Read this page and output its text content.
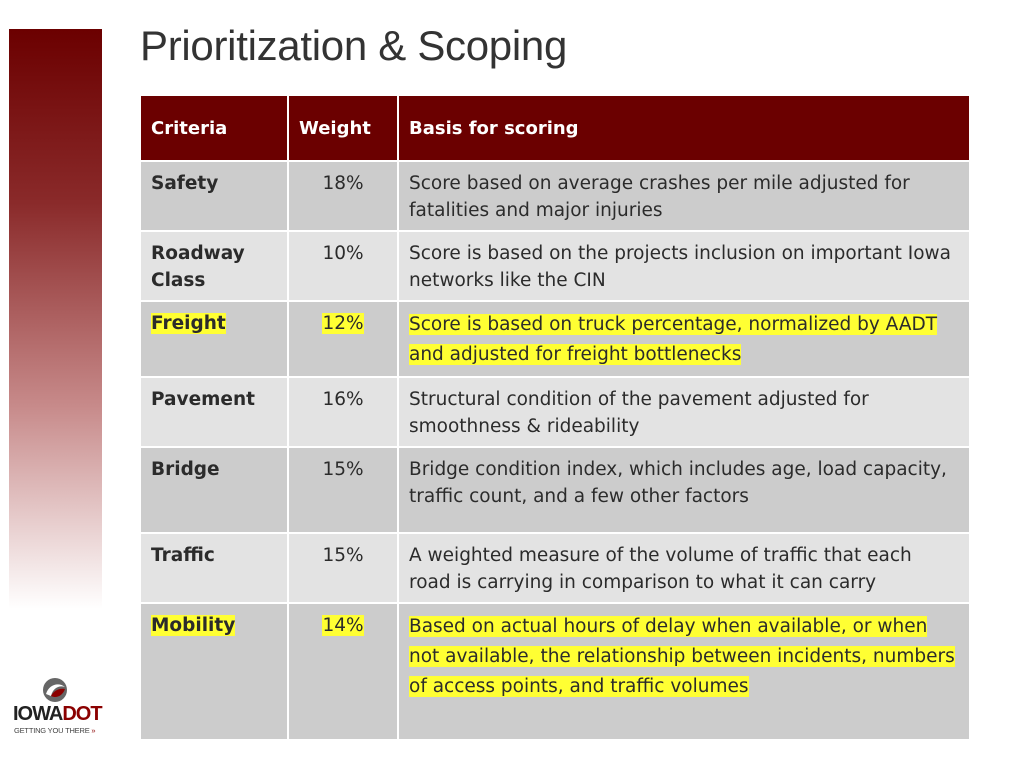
Prioritization & Scoping
Criteria	Weight	Basis for scoring
Safety	18%	Score based on average crashes per mile adjusted for fatalities and major injuries
Roadway Class	10%	Score is based on the projects inclusion on important Iowa networks like the CIN
Freight	12%	Score is based on truck percentage, normalized by AADT and adjusted for freight bottlenecks
Pavement	16%	Structural condition of the pavement adjusted for smoothness & rideability
Bridge	15%	Bridge condition index, which includes age, load capacity, traffic count, and a few other factors
Traffic	15%	A weighted measure of the volume of traffic that each road is carrying in comparison to what it can carry
Mobility	14%	Based on actual hours of delay when available, or when not available, the relationship between incidents, numbers of access points, and traffic volumes
IOWADOT
GETTING YOU THERE »
